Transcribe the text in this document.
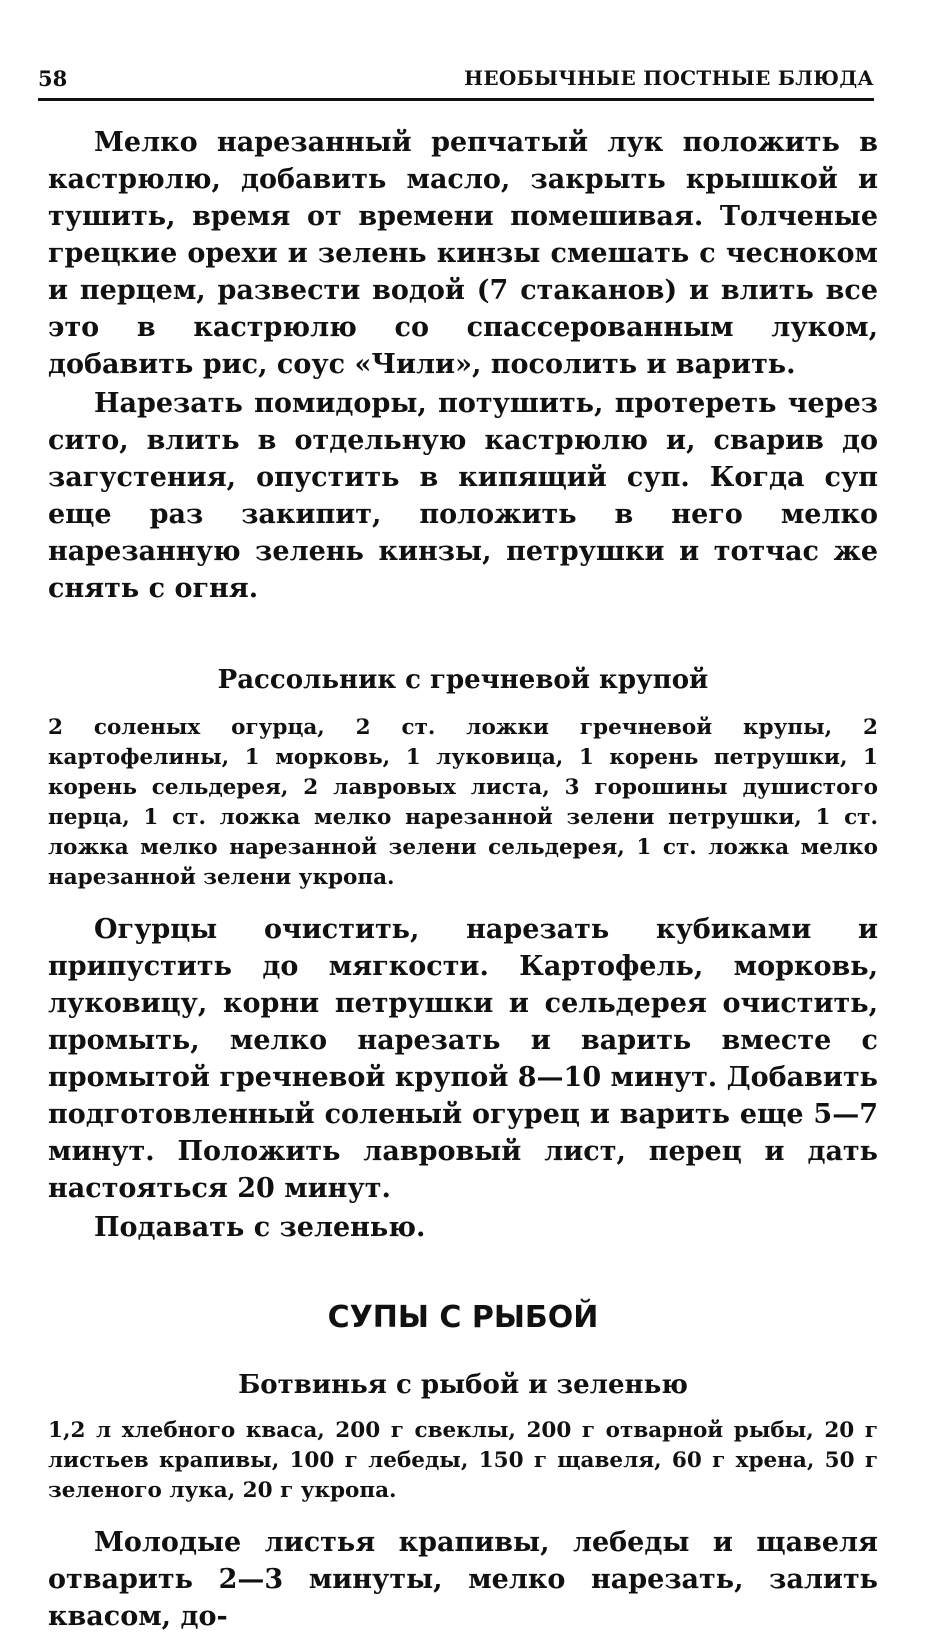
58	НЕОБЫЧНЫЕ ПОСТНЫЕ БЛЮДА

Мелко нарезанный репчатый лук положить в кастрюлю, добавить масло, закрыть крышкой и тушить, время от времени помешивая. Толченые грецкие орехи и зелень кинзы смешать с чесноком и перцем, развести водой (7 стаканов) и влить все это в кастрюлю со спассерованным луком, добавить рис, соус «Чили», посолить и варить.

Нарезать помидоры, потушить, протереть через сито, влить в отдельную кастрюлю и, сварив до загустения, опустить в кипящий суп. Когда суп еще раз закипит, положить в него мелко нарезанную зелень кинзы, петрушки и тотчас же снять с огня.

Рассольник с гречневой крупой

2 соленых огурца, 2 ст. ложки гречневой крупы, 2 картофелины, 1 морковь, 1 луковица, 1 корень петрушки, 1 корень сельдерея, 2 лавровых листа, 3 горошины душистого перца, 1 ст. ложка мелко нарезанной зелени петрушки, 1 ст. ложка мелко нарезанной зелени сельдерея, 1 ст. ложка мелко нарезанной зелени укропа.

Огурцы очистить, нарезать кубиками и припустить до мягкости. Картофель, морковь, луковицу, корни петрушки и сельдерея очистить, промыть, мелко нарезать и варить вместе с промытой гречневой крупой 8—10 минут. Добавить подготовленный соленый огурец и варить еще 5—7 минут. Положить лавровый лист, перец и дать настояться 20 минут.

Подавать с зеленью.

СУПЫ С РЫБОЙ
Ботвинья с рыбой и зеленью

1,2 л хлебного кваса, 200 г свеклы, 200 г отварной рыбы, 20 г листьев крапивы, 100 г лебеды, 150 г щавеля, 60 г хрена, 50 г зеленого лука, 20 г укропа.

Молодые листья крапивы, лебеды и щавеля отварить 2—3 минуты, мелко нарезать, залить квасом, до-
